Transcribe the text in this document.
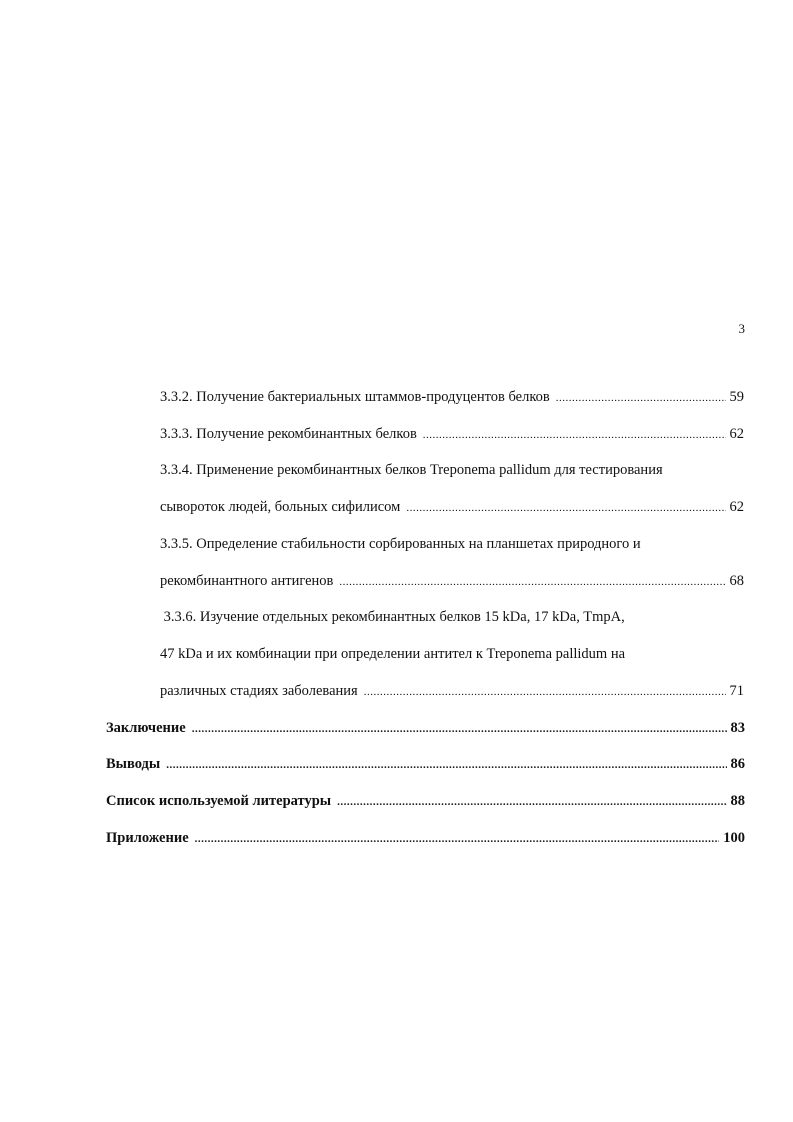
3
3.3.2. Получение бактериальных штаммов-продуцентов белков .....	59
3.3.3. Получение рекомбинантных белков .....	62
3.3.4. Применение рекомбинантных белков Treponema pallidum для тестирования
сывороток людей, больных сифилисом .....	62
3.3.5. Определение стабильности сорбированных на планшетах природного и
рекомбинантного антигенов .....	68
3.3.6. Изучение отдельных рекомбинантных белков 15 kDa, 17 kDa, TmpA,
47 kDa и их комбинации при определении антител к Treponema pallidum на
различных стадиях заболевания .....	71
Заключение .....	83
Выводы .....	86
Список используемой литературы .....	88
Приложение .....	100
